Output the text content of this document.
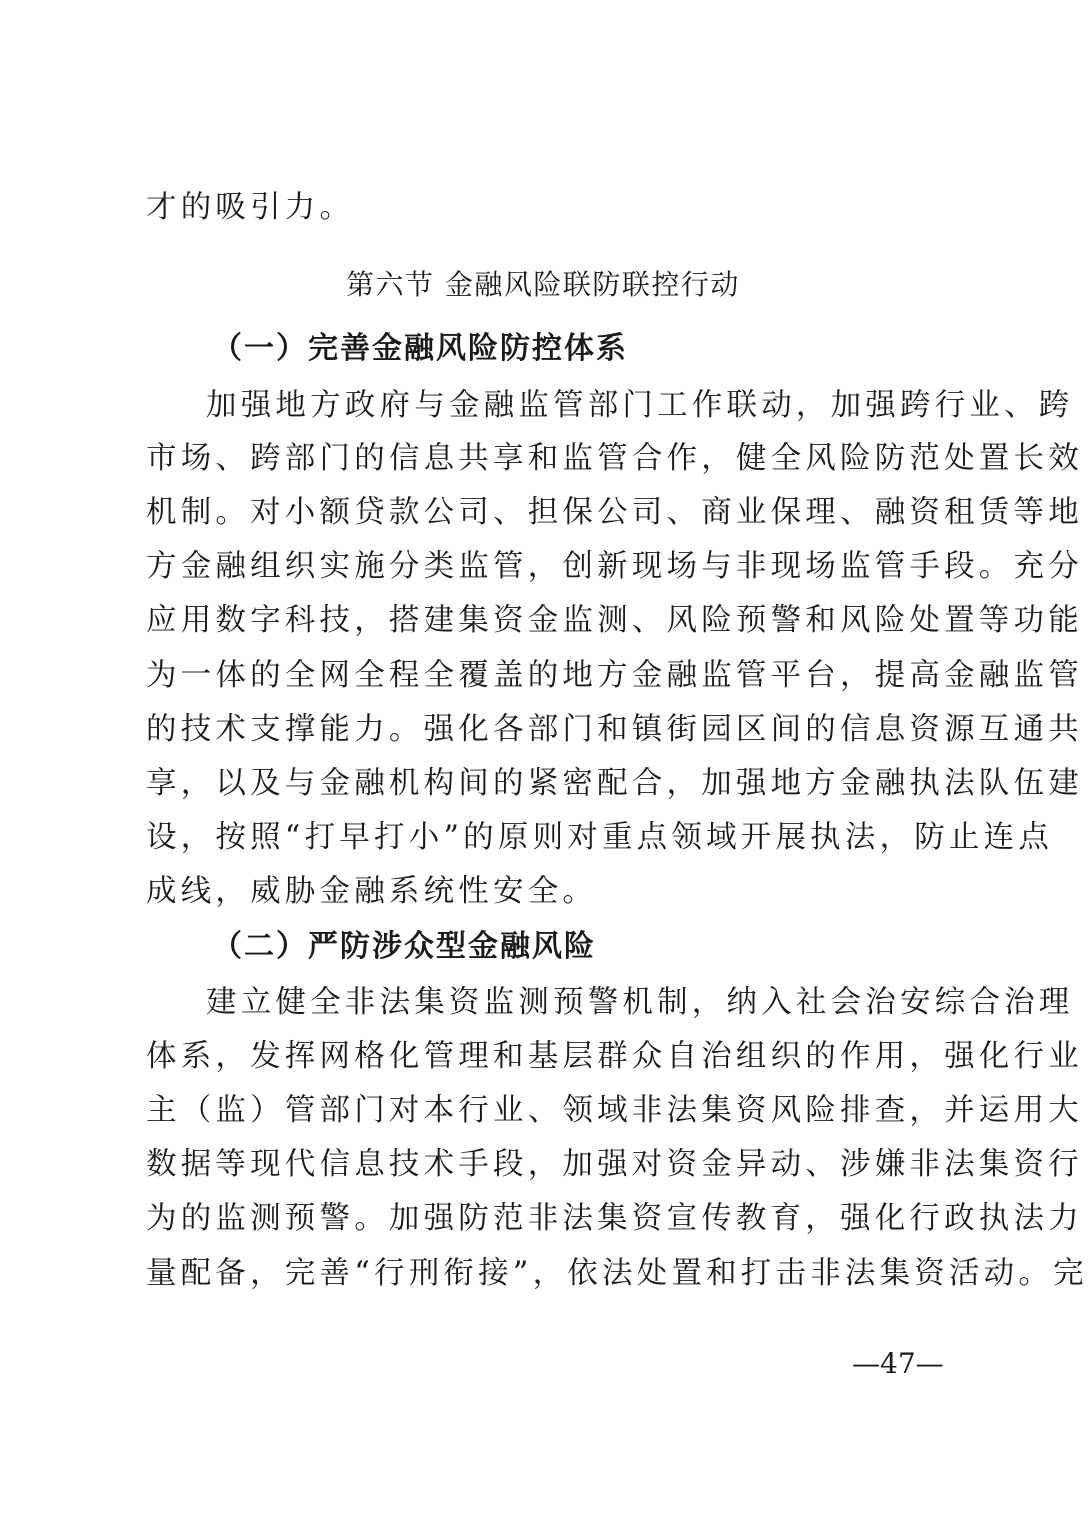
才的吸引力。
第六节 金融风险联防联控行动
（一）完善金融风险防控体系
加强地方政府与金融监管部门工作联动，加强跨行业、跨
市场、跨部门的信息共享和监管合作，健全风险防范处置长效
机制。对小额贷款公司、担保公司、商业保理、融资租赁等地
方金融组织实施分类监管，创新现场与非现场监管手段。充分
应用数字科技，搭建集资金监测、风险预警和风险处置等功能
为一体的全网全程全覆盖的地方金融监管平台，提高金融监管
的技术支撑能力。强化各部门和镇街园区间的信息资源互通共
享，以及与金融机构间的紧密配合，加强地方金融执法队伍建
设，按照“打早打小”的原则对重点领域开展执法，防止连点
成线，威胁金融系统性安全。
（二）严防涉众型金融风险
建立健全非法集资监测预警机制，纳入社会治安综合治理
体系，发挥网格化管理和基层群众自治组织的作用，强化行业
主（监）管部门对本行业、领域非法集资风险排查，并运用大
数据等现代信息技术手段，加强对资金异动、涉嫌非法集资行
为的监测预警。加强防范非法集资宣传教育，强化行政执法力
量配备，完善“行刑衔接”，依法处置和打击非法集资活动。完
—47—
